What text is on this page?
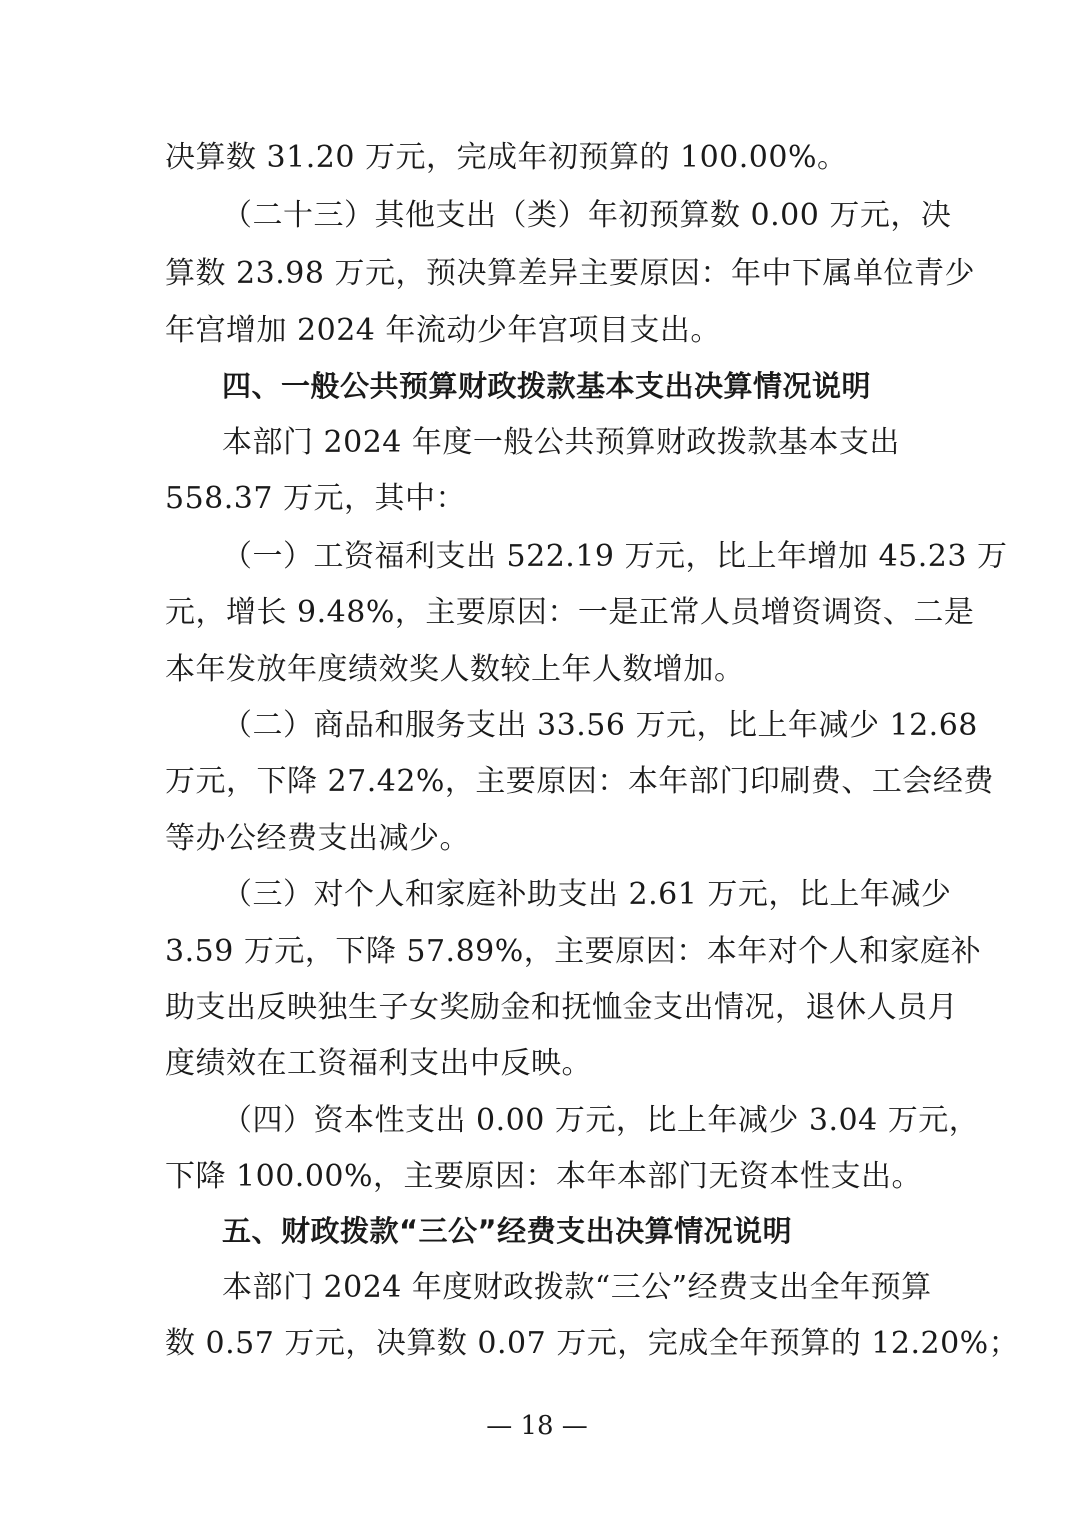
决算数 31.20 万元，完成年初预算的 100.00%。
（二十三）其他支出（类）年初预算数 0.00 万元，决
算数 23.98 万元，预决算差异主要原因：年中下属单位青少
年宫增加 2024 年流动少年宫项目支出。
四、一般公共预算财政拨款基本支出决算情况说明
本部门 2024 年度一般公共预算财政拨款基本支出
558.37 万元，其中：
（一）工资福利支出 522.19 万元，比上年增加 45.23 万
元，增长 9.48%，主要原因：一是正常人员增资调资、二是
本年发放年度绩效奖人数较上年人数增加。
（二）商品和服务支出 33.56 万元，比上年减少 12.68
万元，下降 27.42%，主要原因：本年部门印刷费、工会经费
等办公经费支出减少。
（三）对个人和家庭补助支出 2.61 万元，比上年减少
3.59 万元，下降 57.89%，主要原因：本年对个人和家庭补
助支出反映独生子女奖励金和抚恤金支出情况，退休人员月
度绩效在工资福利支出中反映。
（四）资本性支出 0.00 万元，比上年减少 3.04 万元，
下降 100.00%，主要原因：本年本部门无资本性支出。
五、财政拨款“三公”经费支出决算情况说明
本部门 2024 年度财政拨款“三公”经费支出全年预算
数 0.57 万元，决算数 0.07 万元，完成全年预算的 12.20%；
— 18 —
